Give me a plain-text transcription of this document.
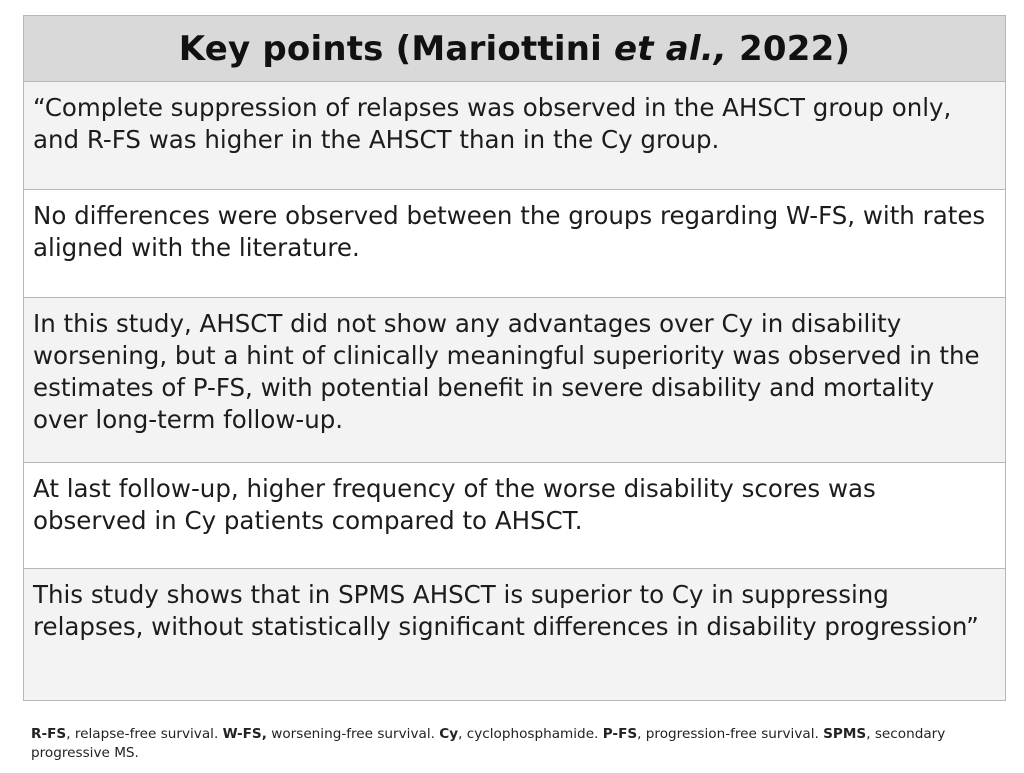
Key points (Mariottini et al., 2022)
“Complete suppression of relapses was observed in the AHSCT group only, and R-FS was higher in the AHSCT than in the Cy group.
No differences were observed between the groups regarding W-FS, with rates aligned with the literature.
In this study, AHSCT did not show any advantages over Cy in disability worsening, but a hint of clinically meaningful superiority was observed in the estimates of P-FS, with potential benefit in severe disability and mortality over long-term follow-up.
At last follow-up, higher frequency of the worse disability scores was observed in Cy patients compared to AHSCT.
This study shows that in SPMS AHSCT is superior to Cy in suppressing relapses, without statistically significant differences in disability progression”
R-FS, relapse-free survival. W-FS, worsening-free survival. Cy, cyclophosphamide. P-FS, progression-free survival. SPMS, secondary progressive MS.
